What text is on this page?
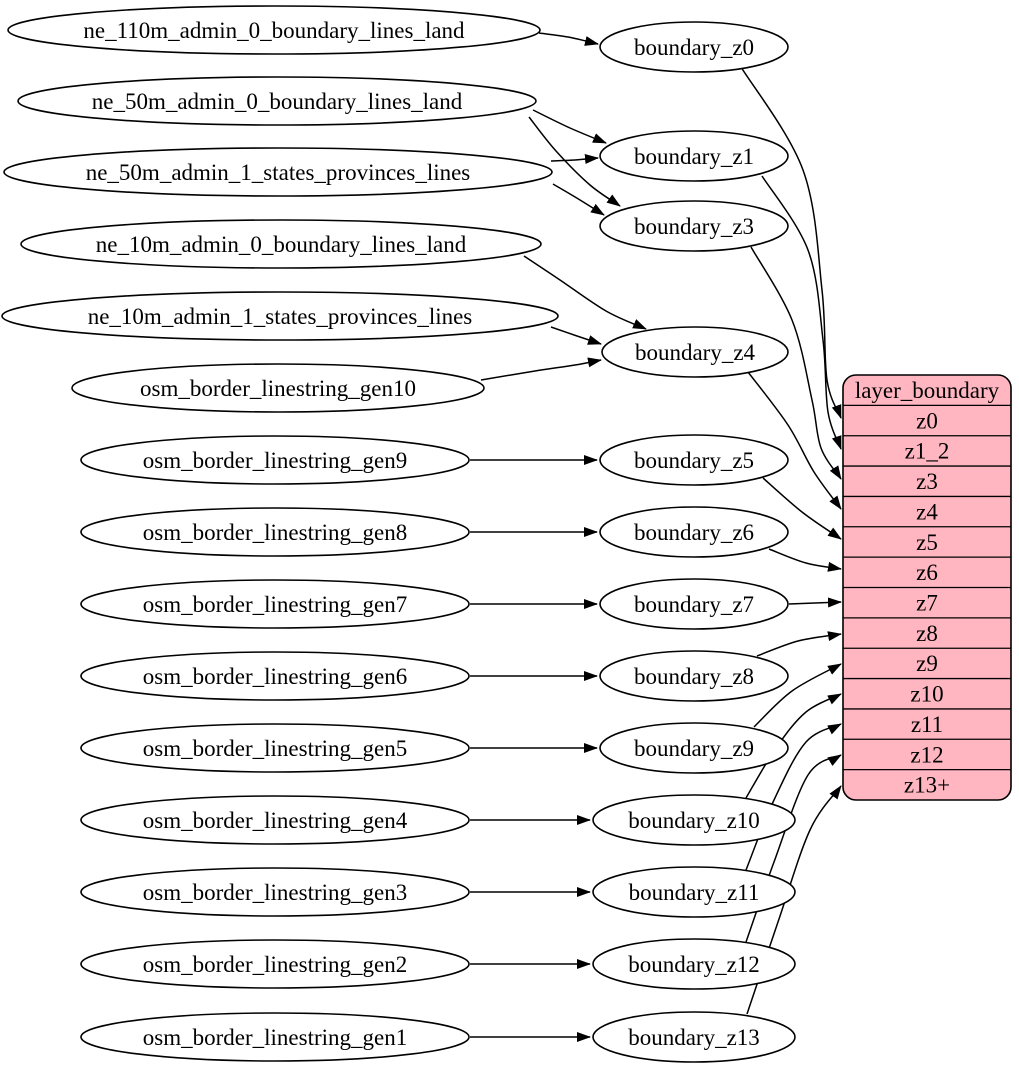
ne_110m_admin_0_boundary_lines_land
ne_50m_admin_0_boundary_lines_land
ne_50m_admin_1_states_provinces_lines
ne_10m_admin_0_boundary_lines_land
ne_10m_admin_1_states_provinces_lines
osm_border_linestring_gen10
osm_border_linestring_gen9
osm_border_linestring_gen8
osm_border_linestring_gen7
osm_border_linestring_gen6
osm_border_linestring_gen5
osm_border_linestring_gen4
osm_border_linestring_gen3
osm_border_linestring_gen2
osm_border_linestring_gen1
boundary_z0
boundary_z1
boundary_z3
boundary_z4
boundary_z5
boundary_z6
boundary_z7
boundary_z8
boundary_z9
boundary_z10
boundary_z11
boundary_z12
boundary_z13
layer_boundary
z0
z1_2
z3
z4
z5
z6
z7
z8
z9
z10
z11
z12
z13+
